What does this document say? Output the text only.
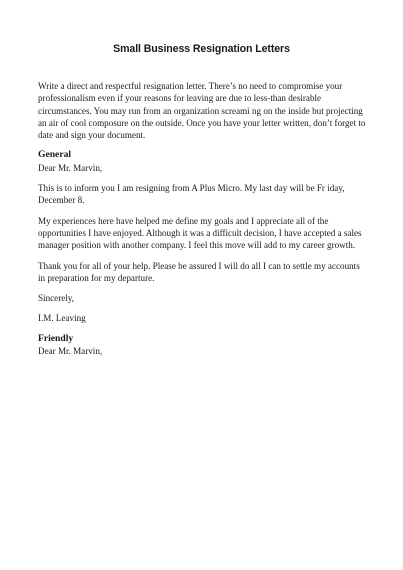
Small Business Resignation Letters

Write a direct and respectful resignation letter. There’s no need to compromise your professionalism even if your reasons for leaving are due to less-than desirable circumstances. You may run from an organization screami ng on the inside but projecting an air of cool composure on the outside. Once you have your letter written, don’t forget to date and sign your document.

General

Dear Mr. Marvin,

This is to inform you I am resigning from A Plus Micro. My last day will be Fr iday, December 8.

My experiences here have helped me define my goals and I appreciate all of the opportunities I have enjoyed. Although it was a difficult decision, I have accepted a sales manager position with another company. I feel this move will add to my career growth.

Thank you for all of your help. Please be assured I will do all I can to settle my accounts in preparation for my departure.

Sincerely,

I.M. Leaving

Friendly

Dear Mr. Marvin,
